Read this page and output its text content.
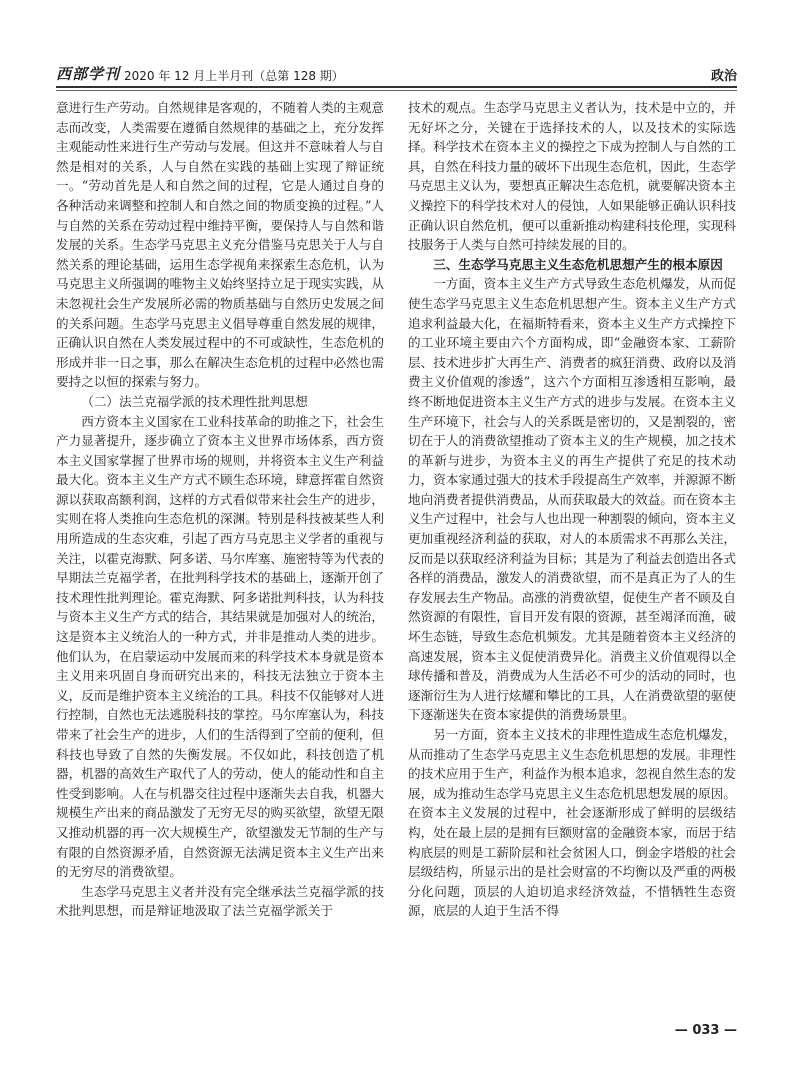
西部学刊 2020 年 12 月上半月刊（总第 128 期）	政治

意进行生产劳动。自然规律是客观的，不随着人类的主观意志而改变，人类需要在遵循自然规律的基础之上，充分发挥主观能动性来进行生产劳动与发展。但这并不意味着人与自然是相对的关系，人与自然在实践的基础上实现了辩证统一。“劳动首先是人和自然之间的过程，它是人通过自身的各种活动来调整和控制人和自然之间的物质变换的过程。”人与自然的关系在劳动过程中维持平衡，要保持人与自然和谐发展的关系。生态学马克思主义充分借鉴马克思关于人与自然关系的理论基础，运用生态学视角来探索生态危机，认为马克思主义所强调的唯物主义始终坚持立足于现实实践，从未忽视社会生产发展所必需的物质基础与自然历史发展之间的关系问题。生态学马克思主义倡导尊重自然发展的规律，正确认识自然在人类发展过程中的不可或缺性，生态危机的形成并非一日之事，那么在解决生态危机的过程中必然也需要持之以恒的探索与努力。

（二）法兰克福学派的技术理性批判思想

西方资本主义国家在工业科技革命的助推之下，社会生产力显著提升，逐步确立了资本主义世界市场体系，西方资本主义国家掌握了世界市场的规则，并将资本主义生产利益最大化。资本主义生产方式不顾生态环境，肆意挥霍自然资源以获取高额利润，这样的方式看似带来社会生产的进步，实则在将人类推向生态危机的深渊。特别是科技被某些人利用所造成的生态灾难，引起了西方马克思主义学者的重视与关注，以霍克海默、阿多诺、马尔库塞、施密特等为代表的早期法兰克福学者，在批判科学技术的基础上，逐渐开创了技术理性批判理论。霍克海默、阿多诺批判科技，认为科技与资本主义生产方式的结合，其结果就是加强对人的统治，这是资本主义统治人的一种方式，并非是推动人类的进步。他们认为，在启蒙运动中发展而来的科学技术本身就是资本主义用来巩固自身而研究出来的，科技无法独立于资本主义，反而是维护资本主义统治的工具。科技不仅能够对人进行控制，自然也无法逃脱科技的掌控。马尔库塞认为，科技带来了社会生产的进步，人们的生活得到了空前的便利，但科技也导致了自然的失衡发展。不仅如此，科技创造了机器，机器的高效生产取代了人的劳动，使人的能动性和自主性受到影响。人在与机器交往过程中逐渐失去自我，机器大规模生产出来的商品激发了无穷无尽的购买欲望，欲望无限又推动机器的再一次大规模生产，欲望激发无节制的生产与有限的自然资源矛盾，自然资源无法满足资本主义生产出来的无穷尽的消费欲望。

生态学马克思主义者并没有完全继承法兰克福学派的技术批判思想，而是辩证地汲取了法兰克福学派关于

技术的观点。生态学马克思主义者认为，技术是中立的，并无好坏之分，关键在于选择技术的人，以及技术的实际选择。科学技术在资本主义的操控之下成为控制人与自然的工具，自然在科技力量的破坏下出现生态危机，因此，生态学马克思主义认为，要想真正解决生态危机，就要解决资本主义操控下的科学技术对人的侵蚀，人如果能够正确认识科技正确认识自然危机，便可以重新推动构建科技伦理，实现科技服务于人类与自然可持续发展的目的。

三、生态学马克思主义生态危机思想产生的根本原因

一方面，资本主义生产方式导致生态危机爆发，从而促使生态学马克思主义生态危机思想产生。资本主义生产方式追求利益最大化，在福斯特看来，资本主义生产方式操控下的工业环境主要由六个方面构成，即“金融资本家、工薪阶层、技术进步扩大再生产、消费者的疯狂消费、政府以及消费主义价值观的渗透”，这六个方面相互渗透相互影响，最终不断地促进资本主义生产方式的进步与发展。在资本主义生产环境下，社会与人的关系既是密切的，又是割裂的，密切在于人的消费欲望推动了资本主义的生产规模，加之技术的革新与进步，为资本主义的再生产提供了充足的技术动力，资本家通过强大的技术手段提高生产效率，并源源不断地向消费者提供消费品，从而获取最大的效益。而在资本主义生产过程中，社会与人也出现一种割裂的倾向，资本主义更加重视经济利益的获取，对人的本质需求不再那么关注，反而是以获取经济利益为目标；其是为了利益去创造出各式各样的消费品，激发人的消费欲望，而不是真正为了人的生存发展去生产物品。高涨的消费欲望，促使生产者不顾及自然资源的有限性，盲目开发有限的资源，甚至竭泽而渔，破坏生态链，导致生态危机频发。尤其是随着资本主义经济的高速发展，资本主义促使消费异化。消费主义价值观得以全球传播和普及，消费成为人生活必不可少的活动的同时，也逐渐衍生为人进行炫耀和攀比的工具，人在消费欲望的驱使下逐渐迷失在资本家提供的消费场景里。

另一方面，资本主义技术的非理性造成生态危机爆发，从而推动了生态学马克思主义生态危机思想的发展。非理性的技术应用于生产，利益作为根本追求，忽视自然生态的发展，成为推动生态学马克思主义生态危机思想发展的原因。在资本主义发展的过程中，社会逐渐形成了鲜明的层级结构，处在最上层的是拥有巨额财富的金融资本家，而居于结构底层的则是工薪阶层和社会贫困人口，倒金字塔般的社会层级结构，所显示出的是社会财富的不均衡以及严重的两极分化问题，顶层的人迫切追求经济效益，不惜牺牲生态资源，底层的人迫于生活不得

— 033 —
